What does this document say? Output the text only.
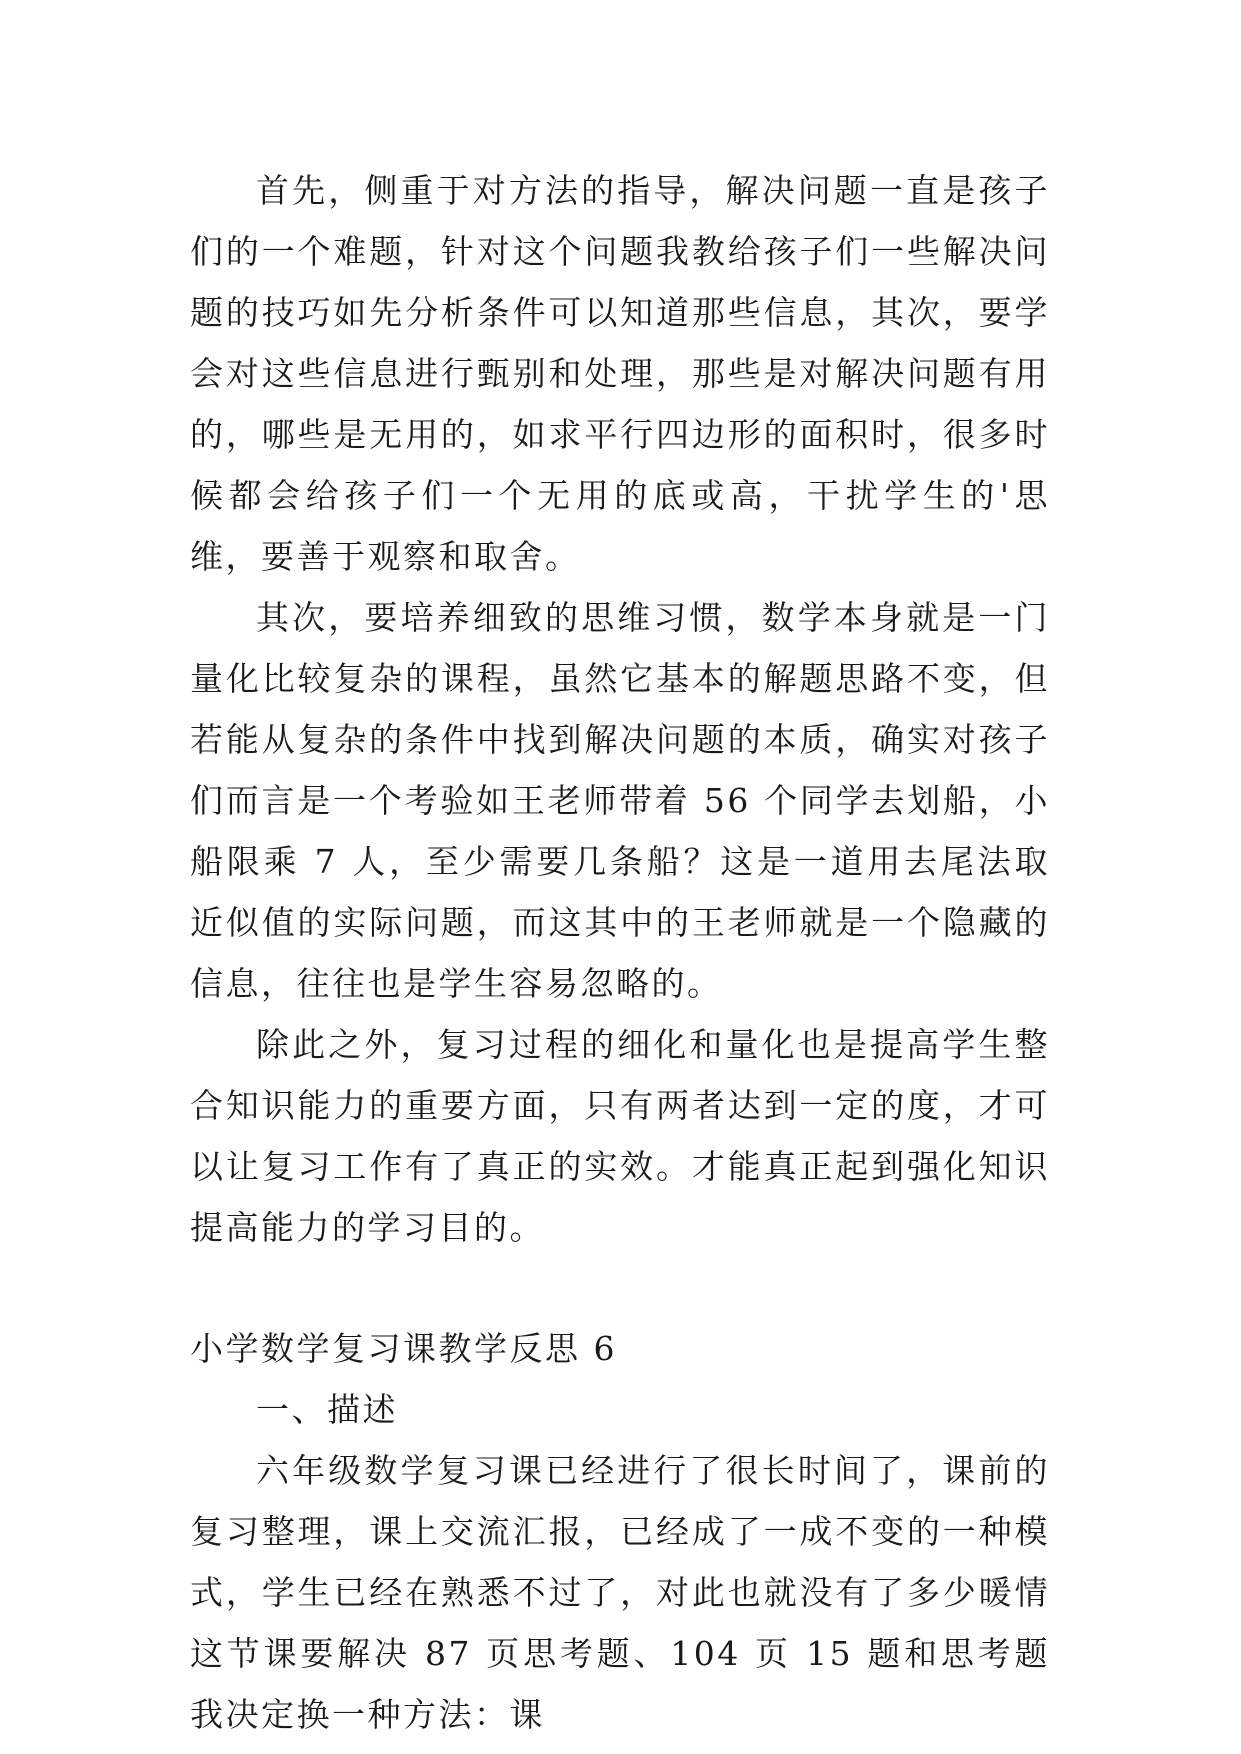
首先，侧重于对方法的指导，解决问题一直是孩子们的一个难题，针对这个问题我教给孩子们一些解决问题的技巧如先分析条件可以知道那些信息，其次，要学会对这些信息进行甄别和处理，那些是对解决问题有用的，哪些是无用的，如求平行四边形的面积时，很多时候都会给孩子们一个无用的底或高，干扰学生的'思维，要善于观察和取舍。

其次，要培养细致的思维习惯，数学本身就是一门量化比较复杂的课程，虽然它基本的解题思路不变，但若能从复杂的条件中找到解决问题的本质，确实对孩子们而言是一个考验如王老师带着 56 个同学去划船，小船限乘 7 人，至少需要几条船？这是一道用去尾法取近似值的实际问题，而这其中的王老师就是一个隐藏的信息，往往也是学生容易忽略的。

除此之外，复习过程的细化和量化也是提高学生整合知识能力的重要方面，只有两者达到一定的度，才可以让复习工作有了真正的实效。才能真正起到强化知识提高能力的学习目的。

小学数学复习课教学反思 6

一、描述

六年级数学复习课已经进行了很长时间了，课前的复习整理，课上交流汇报，已经成了一成不变的一种模式，学生已经在熟悉不过了，对此也就没有了多少暖情这节课要解决 87 页思考题、104 页 15 题和思考题我决定换一种方法：课
